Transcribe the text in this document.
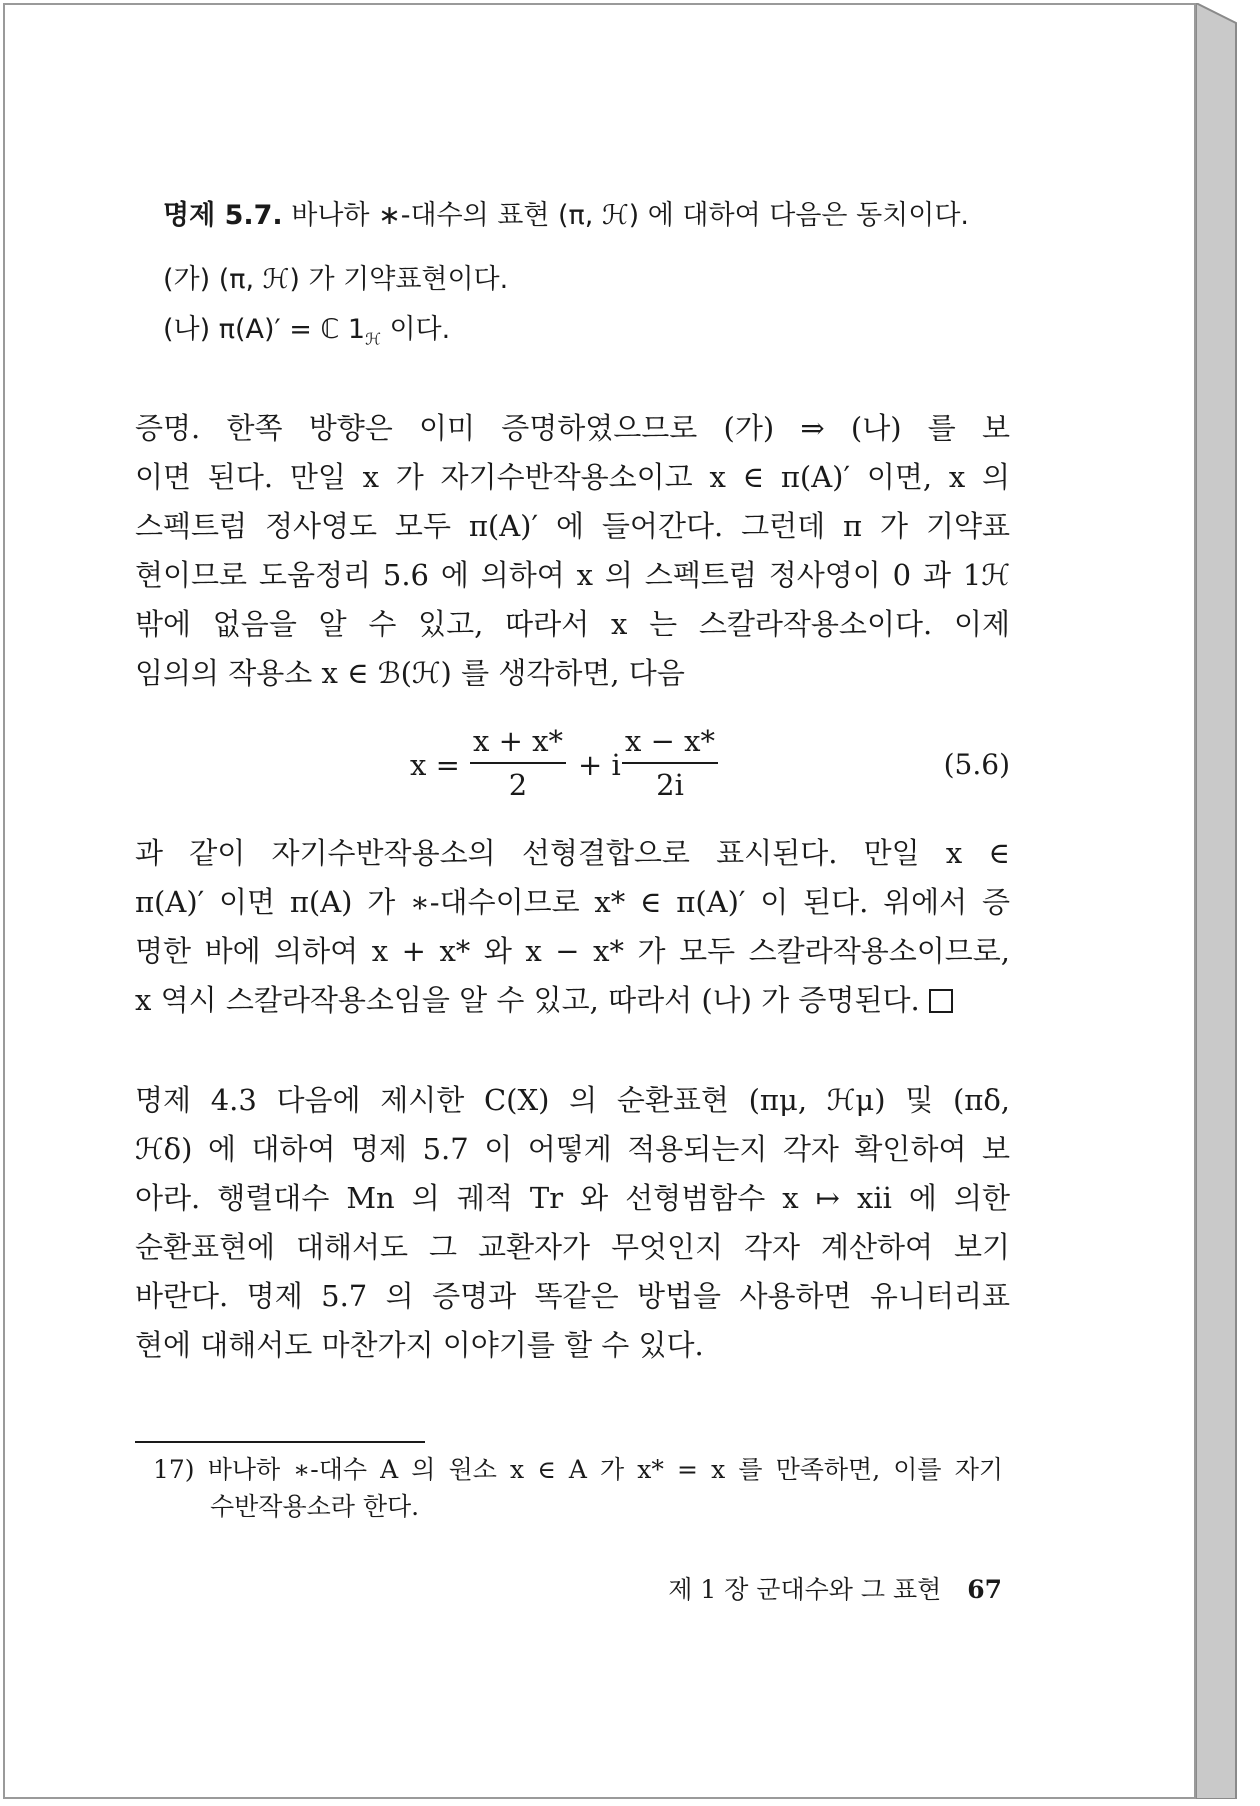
명제 5.7. 바나하 ∗-대수의 표현 (π, ℋ) 에 대하여 다음은 동치이다.
(가) (π, ℋ) 가 기약표현이다.
(나) π(A)′ = ℂ $1_ℋ$ 이다.
증명. 한쪽 방향은 이미 증명하였으므로 (가) ⇒ (나) 를 보
이면 된다. 만일 x 가 자기수반작용소이고 x ∈ π(A)′ 이면, x 의
스펙트럼 정사영도 모두 π(A)′ 에 들어간다. 그런데 π 가 기약표
현이므로 도움정리 5.6 에 의하여 x 의 스펙트럼 정사영이 0 과 1ℋ
밖에 없음을 알 수 있고, 따라서 x 는 스칼라작용소이다. 이제
임의의 작용소 x ∈ ℬ(ℋ) 를 생각하면, 다음
x =
x + x*
2
+ i
x − x*
2i
(5.6)
과 같이 자기수반작용소의 선형결합으로 표시된다. 만일 x ∈
π(A)′ 이면 π(A) 가 ∗-대수이므로 x* ∈ π(A)′ 이 된다. 위에서 증
명한 바에 의하여 x + x* 와 x − x* 가 모두 스칼라작용소이므로,
x 역시 스칼라작용소임을 알 수 있고, 따라서 (나) 가 증명된다.
명제 4.3 다음에 제시한 C(X) 의 순환표현 (πμ, ℋμ) 및 (πδ,
ℋδ) 에 대하여 명제 5.7 이 어떻게 적용되는지 각자 확인하여 보
아라. 행렬대수 Mn 의 궤적 Tr 와 선형범함수 x ↦ xii 에 의한
순환표현에 대해서도 그 교환자가 무엇인지 각자 계산하여 보기
바란다. 명제 5.7 의 증명과 똑같은 방법을 사용하면 유니터리표
현에 대해서도 마찬가지 이야기를 할 수 있다.
17) 바나하 ∗-대수 A 의 원소 x ∈ A 가 x* = x 를 만족하면, 이를 자기
수반작용소라 한다.
제 1 장 군대수와 그 표현 67
